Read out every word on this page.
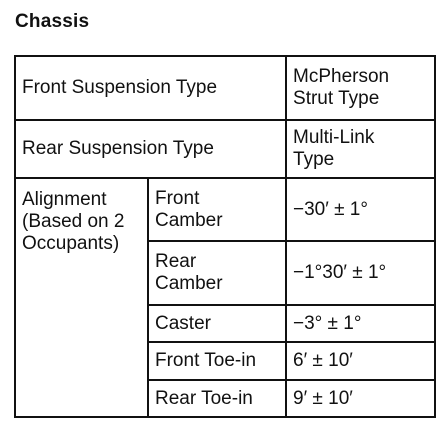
Chassis
Front Suspension Type		McPherson
Strut Type
Rear Suspension Type		Multi-Link
Type
Alignment
(Based on 2
Occupants)	Front
Camber	−30′ ± 1°
	Rear
Camber	−1°30′ ± 1°
	Caster	−3° ± 1°
	Front Toe-in	6′ ± 10′
	Rear Toe-in	9′ ± 10′
